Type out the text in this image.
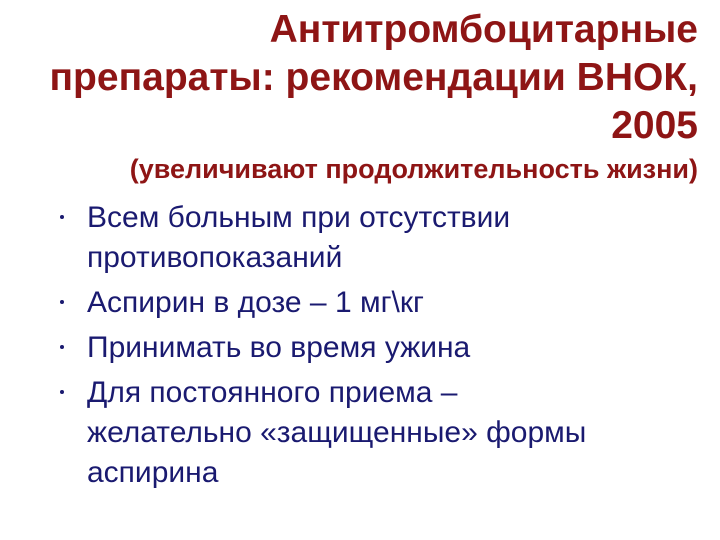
Антитромбоцитарные
препараты: рекомендации ВНОК,
2005
(увеличивают продолжительность жизни)
Всем больным при отсутствии
противопоказаний
Аспирин в дозе – 1 мг\кг
Принимать во время ужина
Для постоянного приема –
желательно «защищенные» формы
аспирина
